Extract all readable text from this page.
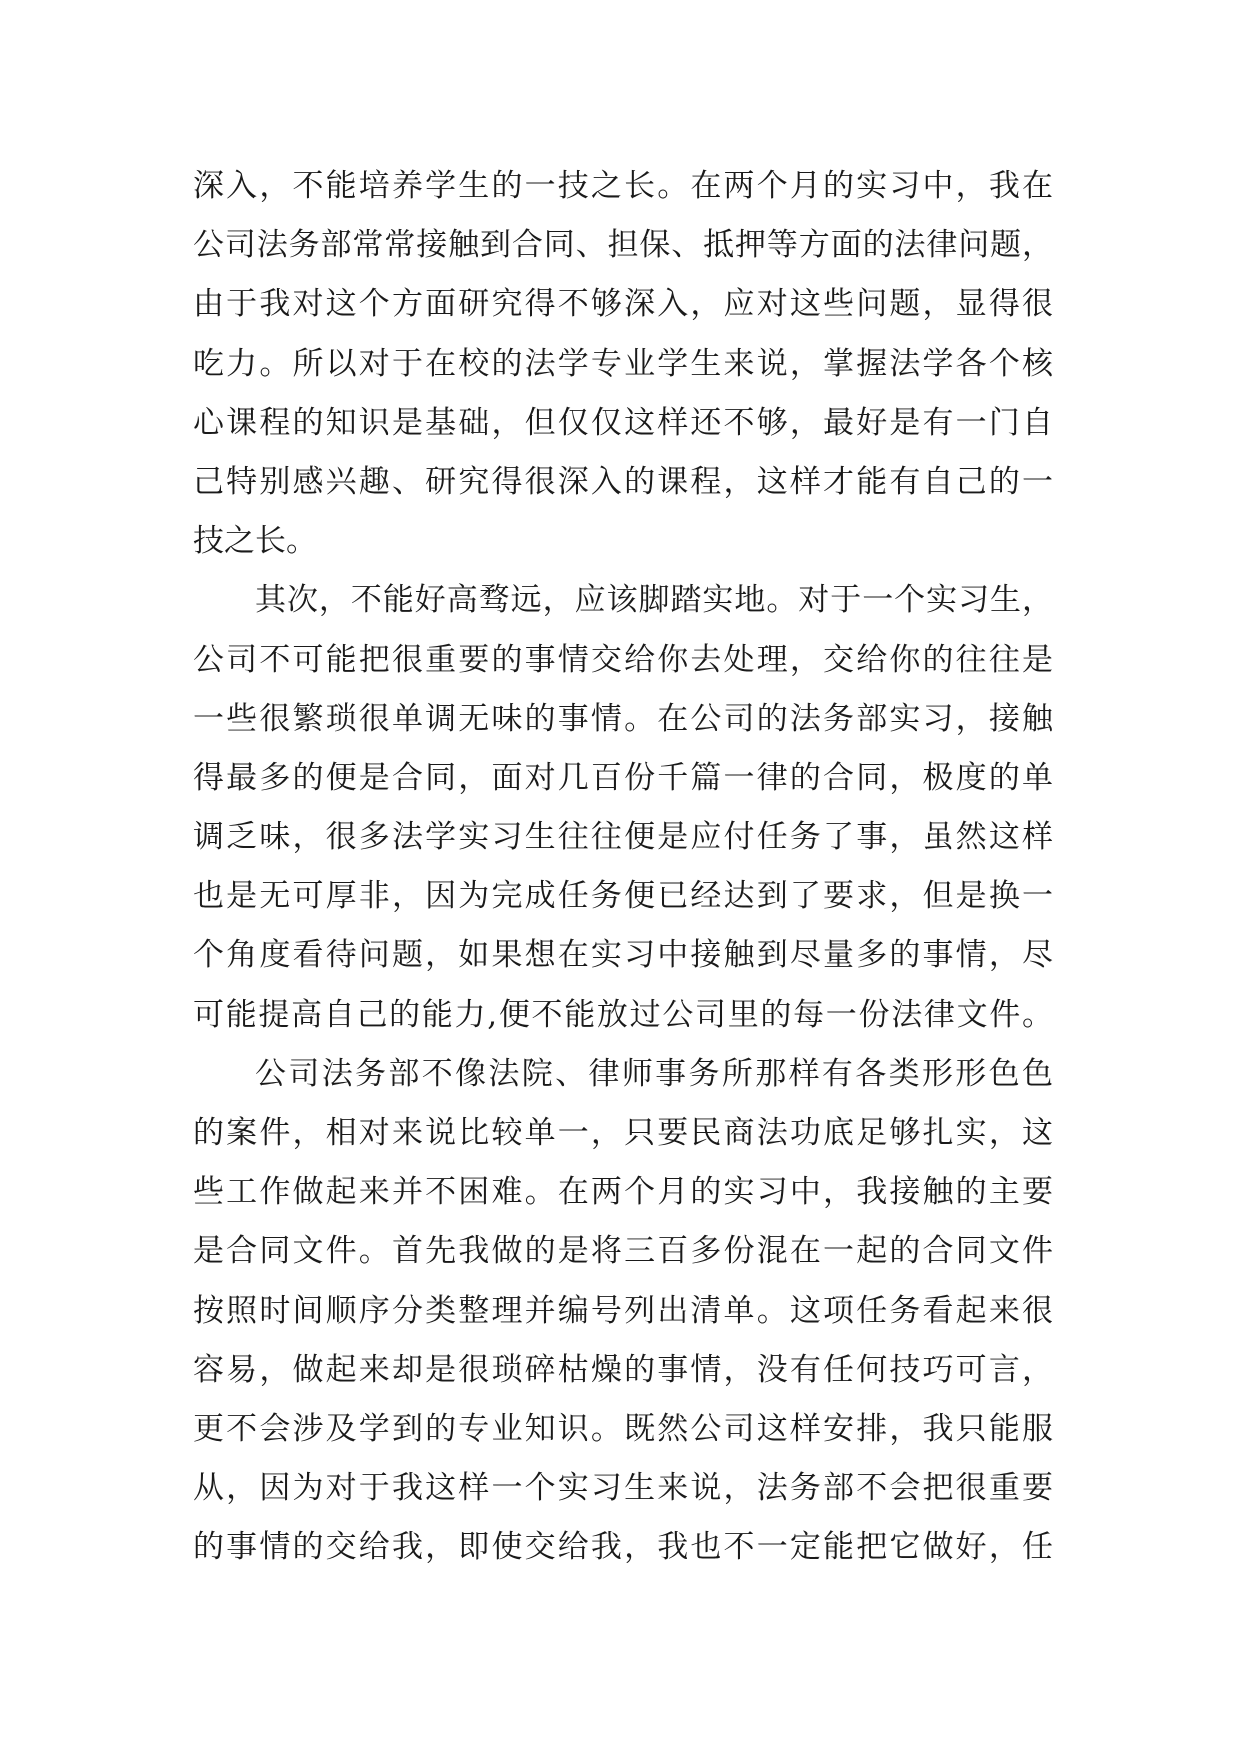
深入，不能培养学生的一技之长。在两个月的实习中，我在
公司法务部常常接触到合同、担保、抵押等方面的法律问题，
由于我对这个方面研究得不够深入，应对这些问题，显得很
吃力。所以对于在校的法学专业学生来说，掌握法学各个核
心课程的知识是基础，但仅仅这样还不够，最好是有一门自
己特别感兴趣、研究得很深入的课程，这样才能有自己的一
技之长。
其次，不能好高骛远，应该脚踏实地。对于一个实习生，
公司不可能把很重要的事情交给你去处理，交给你的往往是
一些很繁琐很单调无味的事情。在公司的法务部实习，接触
得最多的便是合同，面对几百份千篇一律的合同，极度的单
调乏味，很多法学实习生往往便是应付任务了事，虽然这样
也是无可厚非，因为完成任务便已经达到了要求，但是换一
个角度看待问题，如果想在实习中接触到尽量多的事情，尽
可能提高自己的能力,便不能放过公司里的每一份法律文件。
公司法务部不像法院、律师事务所那样有各类形形色色
的案件，相对来说比较单一，只要民商法功底足够扎实，这
些工作做起来并不困难。在两个月的实习中，我接触的主要
是合同文件。首先我做的是将三百多份混在一起的合同文件
按照时间顺序分类整理并编号列出清单。这项任务看起来很
容易，做起来却是很琐碎枯燥的事情，没有任何技巧可言，
更不会涉及学到的专业知识。既然公司这样安排，我只能服
从，因为对于我这样一个实习生来说，法务部不会把很重要
的事情的交给我，即使交给我，我也不一定能把它做好，任
